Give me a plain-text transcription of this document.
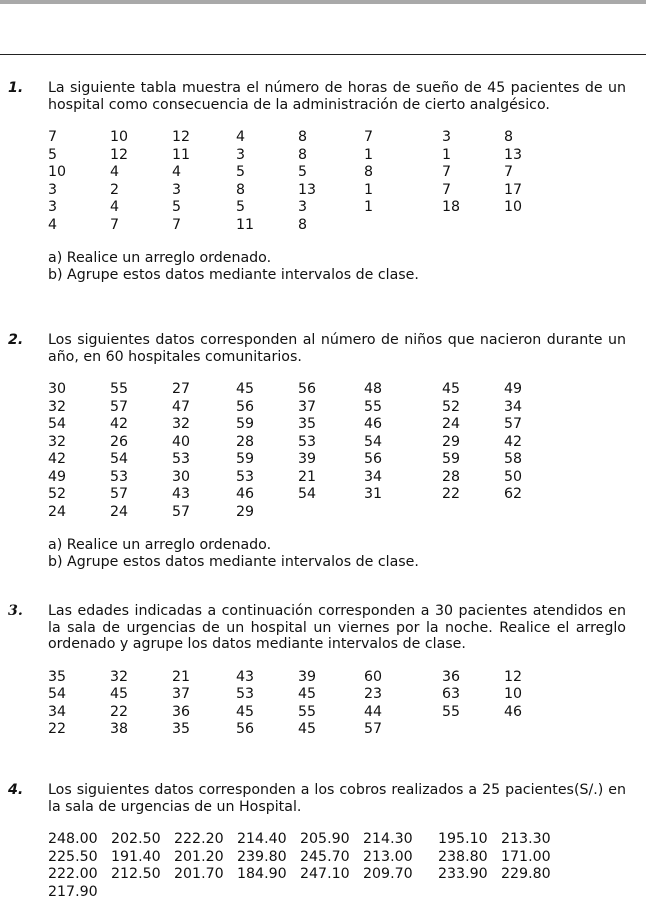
1. La siguiente tabla muestra el número de horas de sueño de 45 pacientes de un hospital como consecuencia de la administración de cierto analgésico.

7	10	12	4	8	7	3	8
5	12	11	3	8	1	1	13
10	4	4	5	5	8	7	7
3	2	3	8	13	1	7	17
3	4	5	5	3	1	18	10
4	7	7	11	8
a) Realice un arreglo ordenado.
b) Agrupe estos datos mediante intervalos de clase.

2. Los siguientes datos corresponden al número de niños que nacieron durante un año, en 60 hospitales comunitarios.

30	55	27	45	56	48	45	49
32	57	47	56	37	55	52	34
54	42	32	59	35	46	24	57
32	26	40	28	53	54	29	42
42	54	53	59	39	56	59	58
49	53	30	53	21	34	28	50
52	57	43	46	54	31	22	62
24	24	57	29
a) Realice un arreglo ordenado.
b) Agrupe estos datos mediante intervalos de clase.

3. Las edades indicadas a continuación corresponden a 30 pacientes atendidos en la sala de urgencias de un hospital un viernes por la noche. Realice el arreglo ordenado y agrupe los datos mediante intervalos de clase.

35	32	21	43	39	60	36	12
54	45	37	53	45	23	63	10
34	22	36	45	55	44	55	46
22	38	35	56	45	57

4. Los siguientes datos corresponden a los cobros realizados a 25 pacientes(S/.) en la sala de urgencias de un Hospital.

248.00 202.50 222.20 214.40 205.90 214.30	195.10 213.30
225.50 191.40 201.20 239.80 245.70 213.00	238.80 171.00
222.00 212.50 201.70 184.90 247.10 209.70	233.90 229.80
217.90
